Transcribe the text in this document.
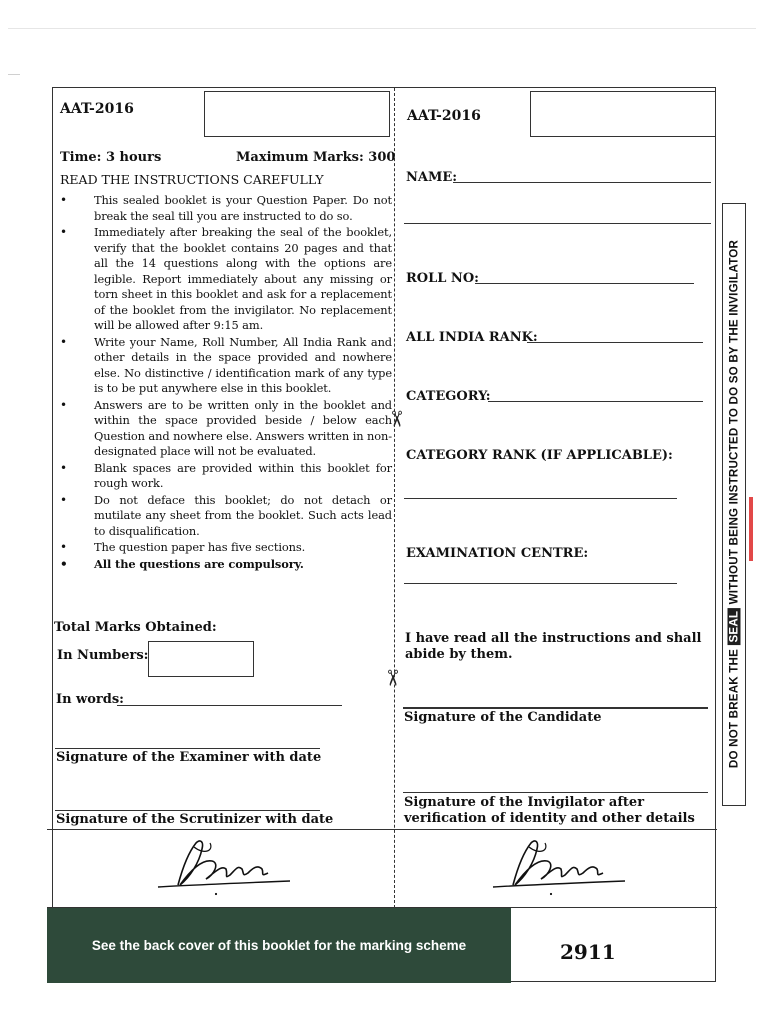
✂
✂
AAT-2016
Time: 3 hours	Maximum Marks: 300
READ THE INSTRUCTIONS CAREFULLY
• This sealed booklet is your Question Paper. Do not break the seal till you are instructed to do so.
• Immediately after breaking the seal of the booklet, verify that the booklet contains 20 pages and that all the 14 questions along with the options are legible. Report immediately about any missing or torn sheet in this booklet and ask for a replacement of the booklet from the invigilator. No replacement will be allowed after 9:15 am.
• Write your Name, Roll Number, All India Rank and other details in the space provided and nowhere else. No distinctive / identification mark of any type is to be put anywhere else in this booklet.
• Answers are to be written only in the booklet and within the space provided beside / below each Question and nowhere else. Answers written in non-designated place will not be evaluated.
• Blank spaces are provided within this booklet for rough work.
• Do not deface this booklet; do not detach or mutilate any sheet from the booklet. Such acts lead to disqualification.
• The question paper has five sections.
• All the questions are compulsory.
Total Marks Obtained:
In Numbers:
In words:
Signature of the Examiner with date
Signature of the Scrutinizer with date
AAT-2016
NAME:
ROLL NO:
ALL INDIA RANK:
CATEGORY:
CATEGORY RANK (IF APPLICABLE):
EXAMINATION CENTRE:
I have read all the instructions and shall abide by them.
Signature of the Candidate
Signature of the Invigilator after verification of identity and other details
See the back cover of this booklet for the marking scheme	2911
DO NOT BREAK THE SEAL WITHOUT BEING INSTRUCTED TO DO SO BY THE INVIGILATOR
